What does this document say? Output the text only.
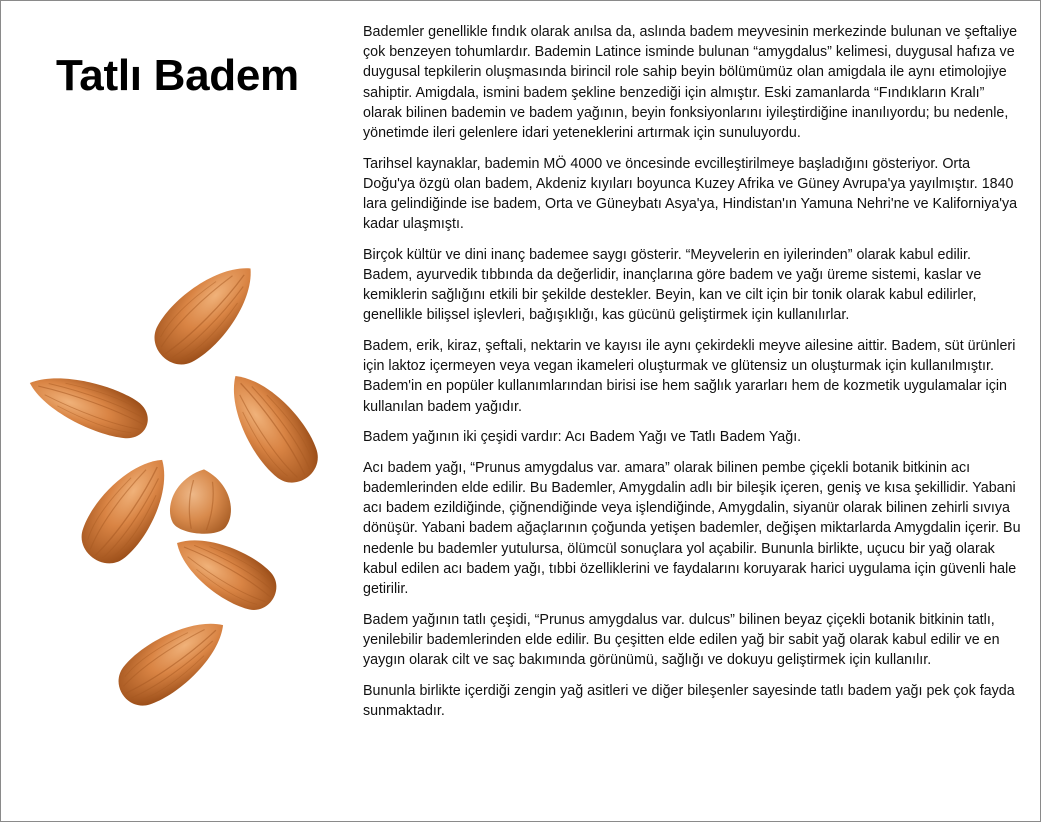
Tatlı Badem

Bademler genellikle fındık olarak anılsa da, aslında badem meyvesinin merkezinde bulunan ve şeftaliye çok benzeyen tohumlardır. Bademin Latince isminde bulunan “amygdalus” kelimesi, duygusal hafıza ve duygusal tepkilerin oluşmasında birincil role sahip beyin bölümümüz olan amigdala ile aynı etimolojiye sahiptir. Amigdala, ismini badem şekline benzediği için almıştır. Eski zamanlarda “Fındıkların Kralı” olarak bilinen bademin ve badem yağının, beyin fonksiyonlarını iyileştirdiğine inanılıyordu; bu nedenle, yönetimde ileri gelenlere idari yeteneklerini artırmak için sunuluyordu.

Tarihsel kaynaklar, bademin MÖ 4000 ve öncesinde evcilleştirilmeye başladığını gösteriyor. Orta Doğu'ya özgü olan badem, Akdeniz kıyıları boyunca Kuzey Afrika ve Güney Avrupa'ya yayılmıştır. 1840 lara gelindiğinde ise badem, Orta ve Güneybatı Asya'ya, Hindistan'ın Yamuna Nehri'ne ve Kaliforniya'ya kadar ulaşmıştı.

Birçok kültür ve dini inanç bademee saygı gösterir. “Meyvelerin en iyilerinden” olarak kabul edilir. Badem, ayurvedik tıbbında da değerlidir, inançlarına göre badem ve yağı üreme sistemi, kaslar ve kemiklerin sağlığını etkili bir şekilde destekler. Beyin, kan ve cilt için bir tonik olarak kabul edilirler, genellikle bilişsel işlevleri, bağışıklığı, kas gücünü geliştirmek için kullanılırlar.

Badem, erik, kiraz, şeftali, nektarin ve kayısı ile aynı çekirdekli meyve ailesine aittir. Badem, süt ürünleri için laktoz içermeyen veya vegan ikameleri oluşturmak ve glütensiz un oluşturmak için kullanılmıştır. Badem'in en popüler kullanımlarından birisi ise hem sağlık yararları hem de kozmetik uygulamalar için kullanılan badem yağıdır.

Badem yağının iki çeşidi vardır: Acı Badem Yağı ve Tatlı Badem Yağı.

Acı badem yağı, “Prunus amygdalus var. amara” olarak bilinen pembe çiçekli botanik bitkinin acı bademlerinden elde edilir. Bu Bademler, Amygdalin adlı bir bileşik içeren, geniş ve kısa şekillidir. Yabani acı badem ezildiğinde, çiğnendiğinde veya işlendiğinde, Amygdalin, siyanür olarak bilinen zehirli sıvıya dönüşür. Yabani badem ağaçlarının çoğunda yetişen bademler, değişen miktarlarda Amygdalin içerir. Bu nedenle bu bademler yutulursa, ölümcül sonuçlara yol açabilir. Bununla birlikte, uçucu bir yağ olarak kabul edilen acı badem yağı, tıbbi özelliklerini ve faydalarını koruyarak harici uygulama için güvenli hale getirilir.

Badem yağının tatlı çeşidi, “Prunus amygdalus var. dulcus” bilinen beyaz çiçekli botanik bitkinin tatlı, yenilebilir bademlerinden elde edilir. Bu çeşitten elde edilen yağ bir sabit yağ olarak kabul edilir ve en yaygın olarak cilt ve saç bakımında görünümü, sağlığı ve dokuyu geliştirmek için kullanılır.

Bununla birlikte içerdiği zengin yağ asitleri ve diğer bileşenler sayesinde tatlı badem yağı pek çok fayda sunmaktadır.
